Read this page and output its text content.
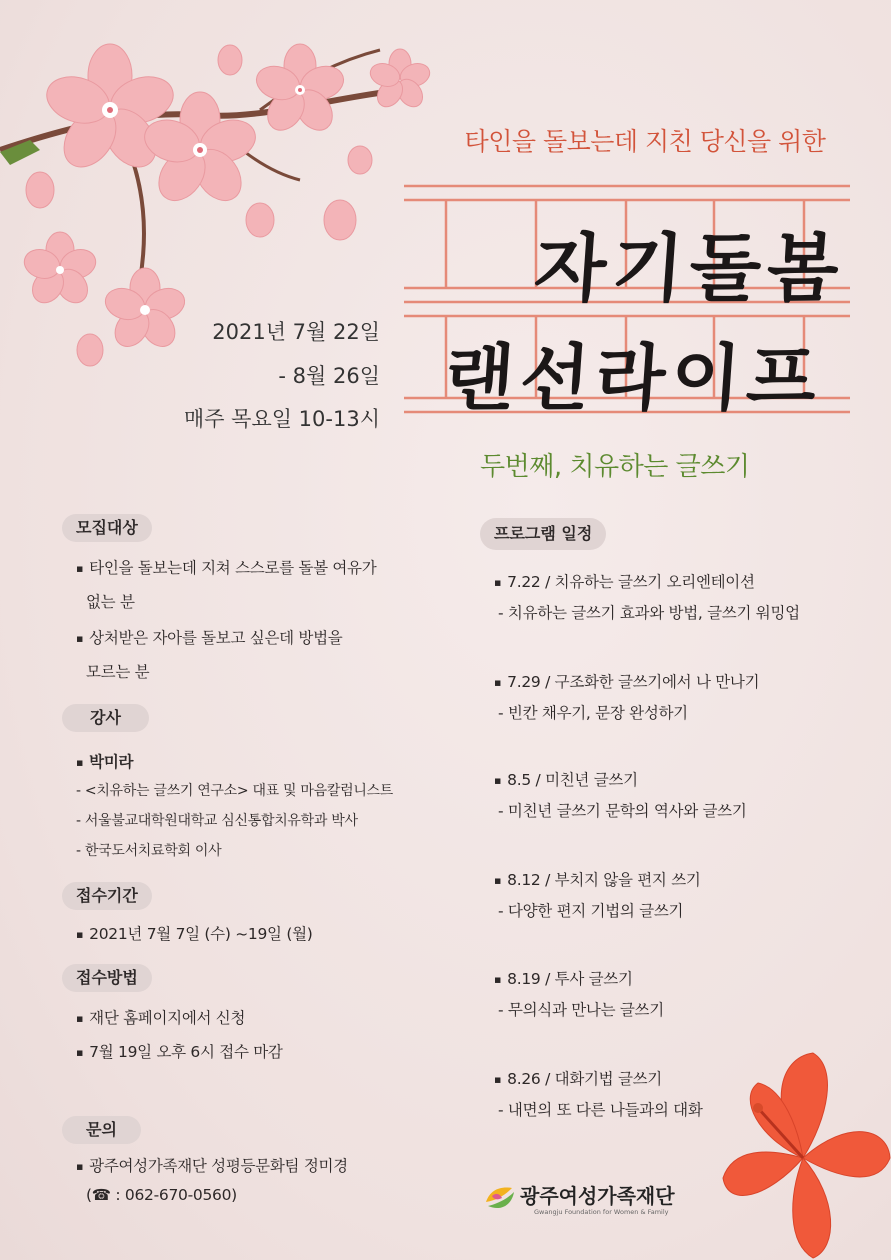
타인을 돌보는데 지친 당신을 위한
자기돌봄
랜선라이프
두번째, 치유하는 글쓰기
2021년 7월 22일
- 8월 26일
매주 목요일 10-13시
모집대상
▪ 타인을 돌보는데 지쳐 스스로를 돌볼 여유가
없는 분
▪ 상처받은 자아를 돌보고 싶은데 방법을
모르는 분
강사
▪ 박미라
- <치유하는 글쓰기 연구소> 대표 및 마음칼럼니스트
- 서울불교대학원대학교 심신통합치유학과 박사
- 한국도서치료학회 이사
접수기간
▪ 2021년 7월 7일 (수) ~19일 (월)
접수방법
▪ 재단 홈페이지에서 신청
▪ 7월 19일 오후 6시 접수 마감
문의
▪ 광주여성가족재단 성평등문화팀 정미경
(☎ : 062-670-0560)
프로그램 일정
▪ 7.22 / 치유하는 글쓰기 오리엔테이션
- 치유하는 글쓰기 효과와 방법, 글쓰기 워밍업
▪ 7.29 / 구조화한 글쓰기에서 나 만나기
- 빈칸 채우기, 문장 완성하기
▪ 8.5 / 미친년 글쓰기
- 미친년 글쓰기 문학의 역사와 글쓰기
▪ 8.12 / 부치지 않을 편지 쓰기
- 다양한 편지 기법의 글쓰기
▪ 8.19 / 투사 글쓰기
- 무의식과 만나는 글쓰기
▪ 8.26 / 대화기법 글쓰기
- 내면의 또 다른 나들과의 대화
광주여성가족재단
Gwangju Foundation for Women & Family
